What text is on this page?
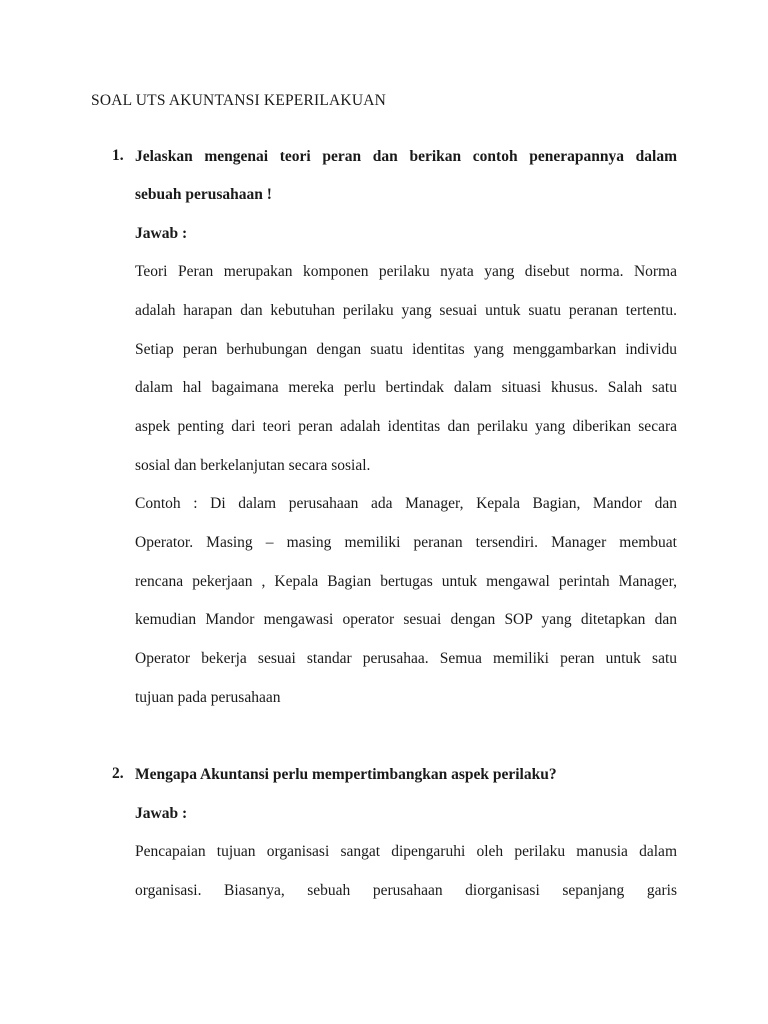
SOAL UTS AKUNTANSI KEPERILAKUAN
1. Jelaskan mengenai teori peran dan berikan contoh penerapannya dalam
sebuah perusahaan !
Jawab :
Teori Peran merupakan komponen perilaku nyata yang disebut norma. Norma
adalah harapan dan kebutuhan perilaku yang sesuai untuk suatu peranan tertentu.
Setiap peran berhubungan dengan suatu identitas yang menggambarkan individu
dalam hal bagaimana mereka perlu bertindak dalam situasi khusus. Salah satu
aspek penting dari teori peran adalah identitas dan perilaku yang diberikan secara
sosial dan berkelanjutan secara sosial.
Contoh : Di dalam perusahaan ada Manager, Kepala Bagian, Mandor dan
Operator. Masing – masing memiliki peranan tersendiri. Manager membuat
rencana pekerjaan , Kepala Bagian bertugas untuk mengawal perintah Manager,
kemudian Mandor mengawasi operator sesuai dengan SOP yang ditetapkan dan
Operator bekerja sesuai standar perusahaa. Semua memiliki peran untuk satu
tujuan pada perusahaan
2. Mengapa Akuntansi perlu mempertimbangkan aspek perilaku?
Jawab :
Pencapaian tujuan organisasi sangat dipengaruhi oleh perilaku manusia dalam
organisasi. Biasanya, sebuah perusahaan diorganisasi sepanjang garis
